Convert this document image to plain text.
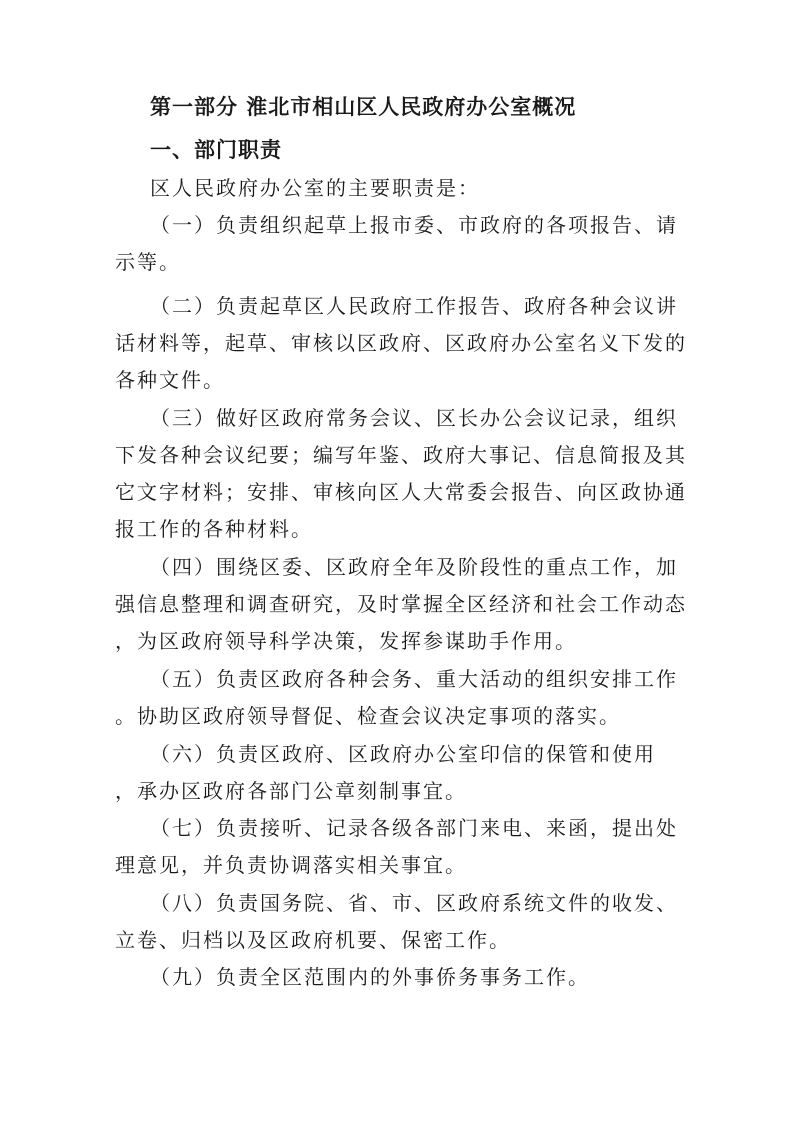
第一部分 淮北市相山区人民政府办公室概况
一、部门职责
区人民政府办公室的主要职责是：
（一）负责组织起草上报市委、市政府的各项报告、请
示等。
（二）负责起草区人民政府工作报告、政府各种会议讲
话材料等，起草、审核以区政府、区政府办公室名义下发的
各种文件。
（三）做好区政府常务会议、区长办公会议记录，组织
下发各种会议纪要；编写年鉴、政府大事记、信息简报及其
它文字材料；安排、审核向区人大常委会报告、向区政协通
报工作的各种材料。
（四）围绕区委、区政府全年及阶段性的重点工作，加
强信息整理和调查研究，及时掌握全区经济和社会工作动态
，为区政府领导科学决策，发挥参谋助手作用。
（五）负责区政府各种会务、重大活动的组织安排工作
。协助区政府领导督促、检查会议决定事项的落实。
（六）负责区政府、区政府办公室印信的保管和使用
，承办区政府各部门公章刻制事宜。
（七）负责接听、记录各级各部门来电、来函，提出处
理意见，并负责协调落实相关事宜。
（八）负责国务院、省、市、区政府系统文件的收发、
立卷、归档以及区政府机要、保密工作。
（九）负责全区范围内的外事侨务事务工作。
